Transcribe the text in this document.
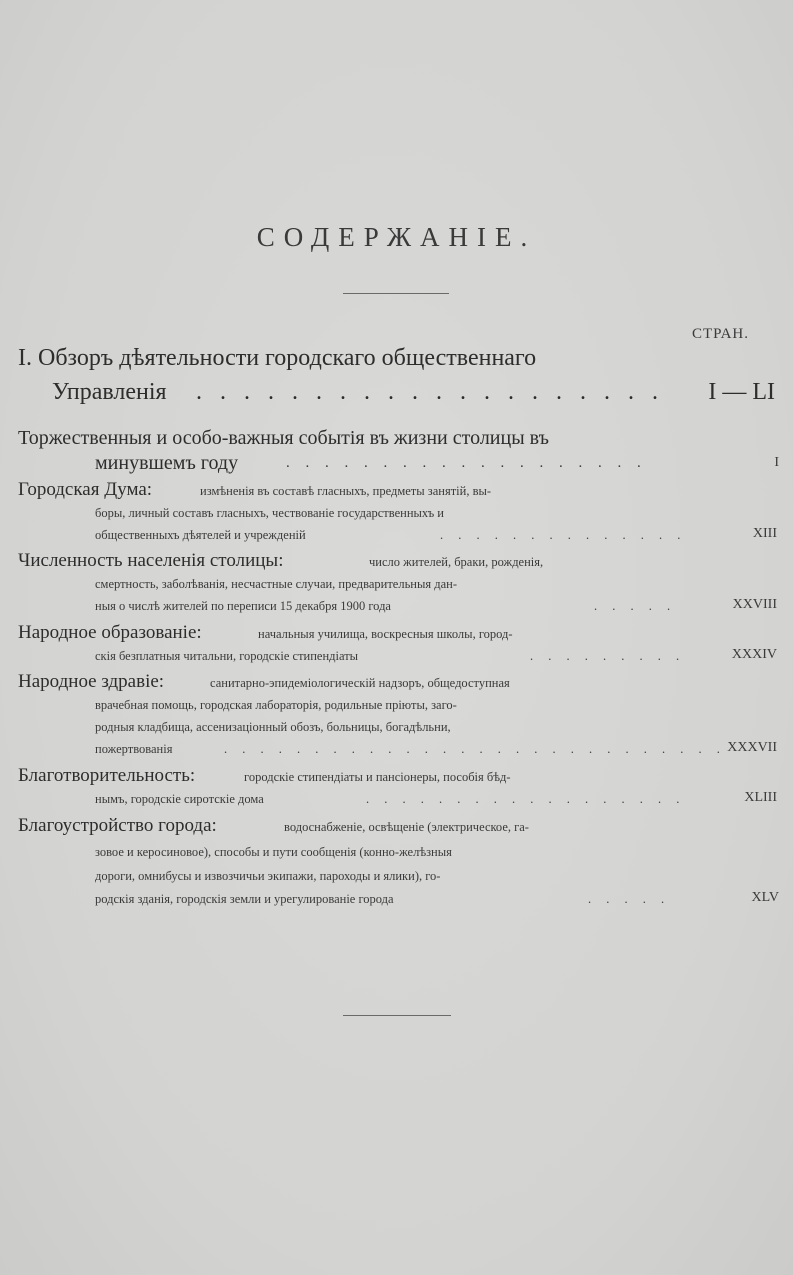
СОДЕРЖАНІЕ.
СТРАН.
I. Обзоръ дѣятельности городскаго общественнаго
Управленія . . . . . . . . . . . . . . . . . . . . I — LI
Торжественныя и особо-важныя событія въ жизни столицы въ
минувшемъ году	. . . . . . . . . . . . . . . . . . .	I
Городская Дума:	измѣненія въ составѣ гласныхъ, предметы занятій, вы-
боры, личный составъ гласныхъ, чествованіе государственныхъ и
общественныхъ дѣятелей и учрежденій	. . . . . . . . . . . . . .	XIII
Численность населенія столицы:	число жителей, браки, рожденія,
смертность, заболѣванія, несчастные случаи, предварительныя дан-
ныя о числѣ жителей по переписи 15 декабря 1900 года	. . . . .	XXVIII
Народное образованіе:	начальныя училища, воскресныя школы, город-
скія безплатныя читальни, городскіе стипендіаты	. . . . . . . . .	XXXIV
Народное здравіе:	санитарно-эпидеміологическій надзоръ, общедоступная
врачебная помощь, городская лабораторія, родильные пріюты, заго-
родныя кладбища, ассенизаціонный обозъ, больницы, богадѣльни,
пожертвованія	. . . . . . . . . . . . . . . . . . . . . . . . . . . . XXXVII
Благотворительность:	городскіе стипендіаты и пансіонеры, пособія бѣд-
нымъ, городскіе сиротскіе дома	. . . . . . . . . . . . . . . . . .	XLIII
Благоустройство города:	водоснабженіе, освѣщеніе (электрическое, га-
зовое и керосиновое), способы и пути сообщенія (конно-желѣзныя
дороги, омнибусы и извозчичьи экипажи, пароходы и ялики), го-
родскія зданія, городскія земли и урегулированіе города	. . . . .	XLV
